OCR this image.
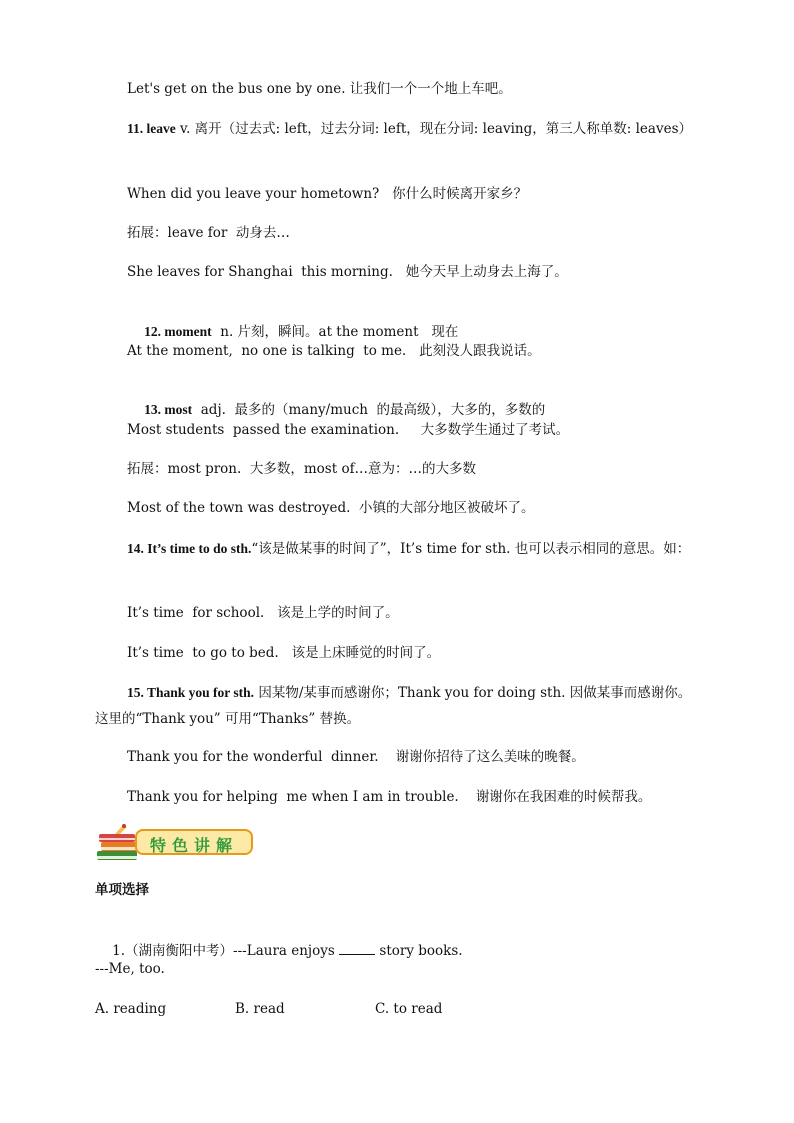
Let's get on the bus one by one. 让我们一个一个地上车吧。
11. leave v. 离开（过去式: left，过去分词: left，现在分词: leaving，第三人称单数: leaves）
When did you leave your hometown?   你什么时候离开家乡？
拓展：leave for  动身去…
She leaves for Shanghai  this morning.   她今天早上动身去上海了。

12. moment  n. 片刻，瞬间。at the moment   现在

At the moment,  no one is talking  to me.   此刻没人跟我说话。

13. most  adj.  最多的（many/much  的最高级），大多的，多数的

Most students  passed the examination.     大多数学生通过了考试。
拓展：most pron.  大多数，most of…意为：…的大多数
Most of the town was destroyed.  小镇的大部分地区被破坏了。
14. It’s time to do sth.“该是做某事的时间了”，It’s time for sth. 也可以表示相同的意思。如：
It’s time  for school.   该是上学的时间了。
It’s time  to go to bed.   该是上床睡觉的时间了。
15. Thank you for sth. 因某物/某事而感谢你；Thank you for doing sth. 因做某事而感谢你。这里的“Thank you” 可用“Thanks” 替换。
Thank you for the wonderful  dinner.    谢谢你招待了这么美味的晚餐。
Thank you for helping  me when I am in trouble.    谢谢你在我困难的时候帮我。
特色讲解
单项选择

1.（湖南衡阳中考）---Laura enjoys	story books.

---Me, too.
A. reading	B. read	C. to read
